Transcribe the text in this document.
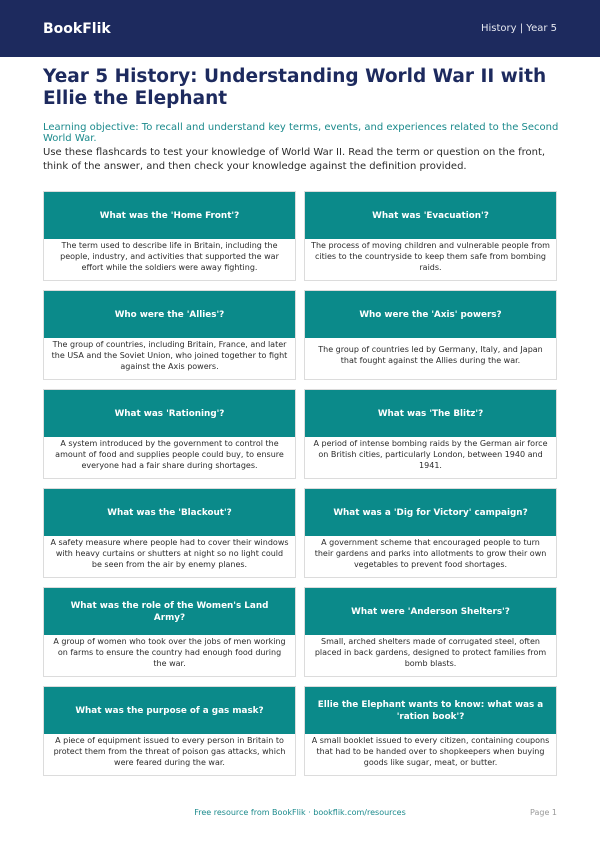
BookFlik	History | Year 5
Year 5 History: Understanding World War II with Ellie the Elephant

Learning objective: To recall and understand key terms, events, and experiences related to the Second World War.

Use these flashcards to test your knowledge of World War II. Read the term or question on the front, think of the answer, and then check your knowledge against the definition provided.

What was the 'Home Front'?
The term used to describe life in Britain, including the people, industry, and activities that supported the war effort while the soldiers were away fighting.
What was 'Evacuation'?
The process of moving children and vulnerable people from cities to the countryside to keep them safe from bombing raids.
Who were the 'Allies'?
The group of countries, including Britain, France, and later the USA and the Soviet Union, who joined together to fight against the Axis powers.
Who were the 'Axis' powers?
The group of countries led by Germany, Italy, and Japan that fought against the Allies during the war.
What was 'Rationing'?
A system introduced by the government to control the amount of food and supplies people could buy, to ensure everyone had a fair share during shortages.
What was 'The Blitz'?
A period of intense bombing raids by the German air force on British cities, particularly London, between 1940 and 1941.
What was the 'Blackout'?
A safety measure where people had to cover their windows with heavy curtains or shutters at night so no light could be seen from the air by enemy planes.
What was a 'Dig for Victory' campaign?
A government scheme that encouraged people to turn their gardens and parks into allotments to grow their own vegetables to prevent food shortages.
What was the role of the Women's Land Army?
A group of women who took over the jobs of men working on farms to ensure the country had enough food during the war.
What were 'Anderson Shelters'?
Small, arched shelters made of corrugated steel, often placed in back gardens, designed to protect families from bomb blasts.
What was the purpose of a gas mask?
A piece of equipment issued to every person in Britain to protect them from the threat of poison gas attacks, which were feared during the war.
Ellie the Elephant wants to know: what was a 'ration book'?
A small booklet issued to every citizen, containing coupons that had to be handed over to shopkeepers when buying goods like sugar, meat, or butter.
Free resource from BookFlik · bookflik.com/resources	Page 1
